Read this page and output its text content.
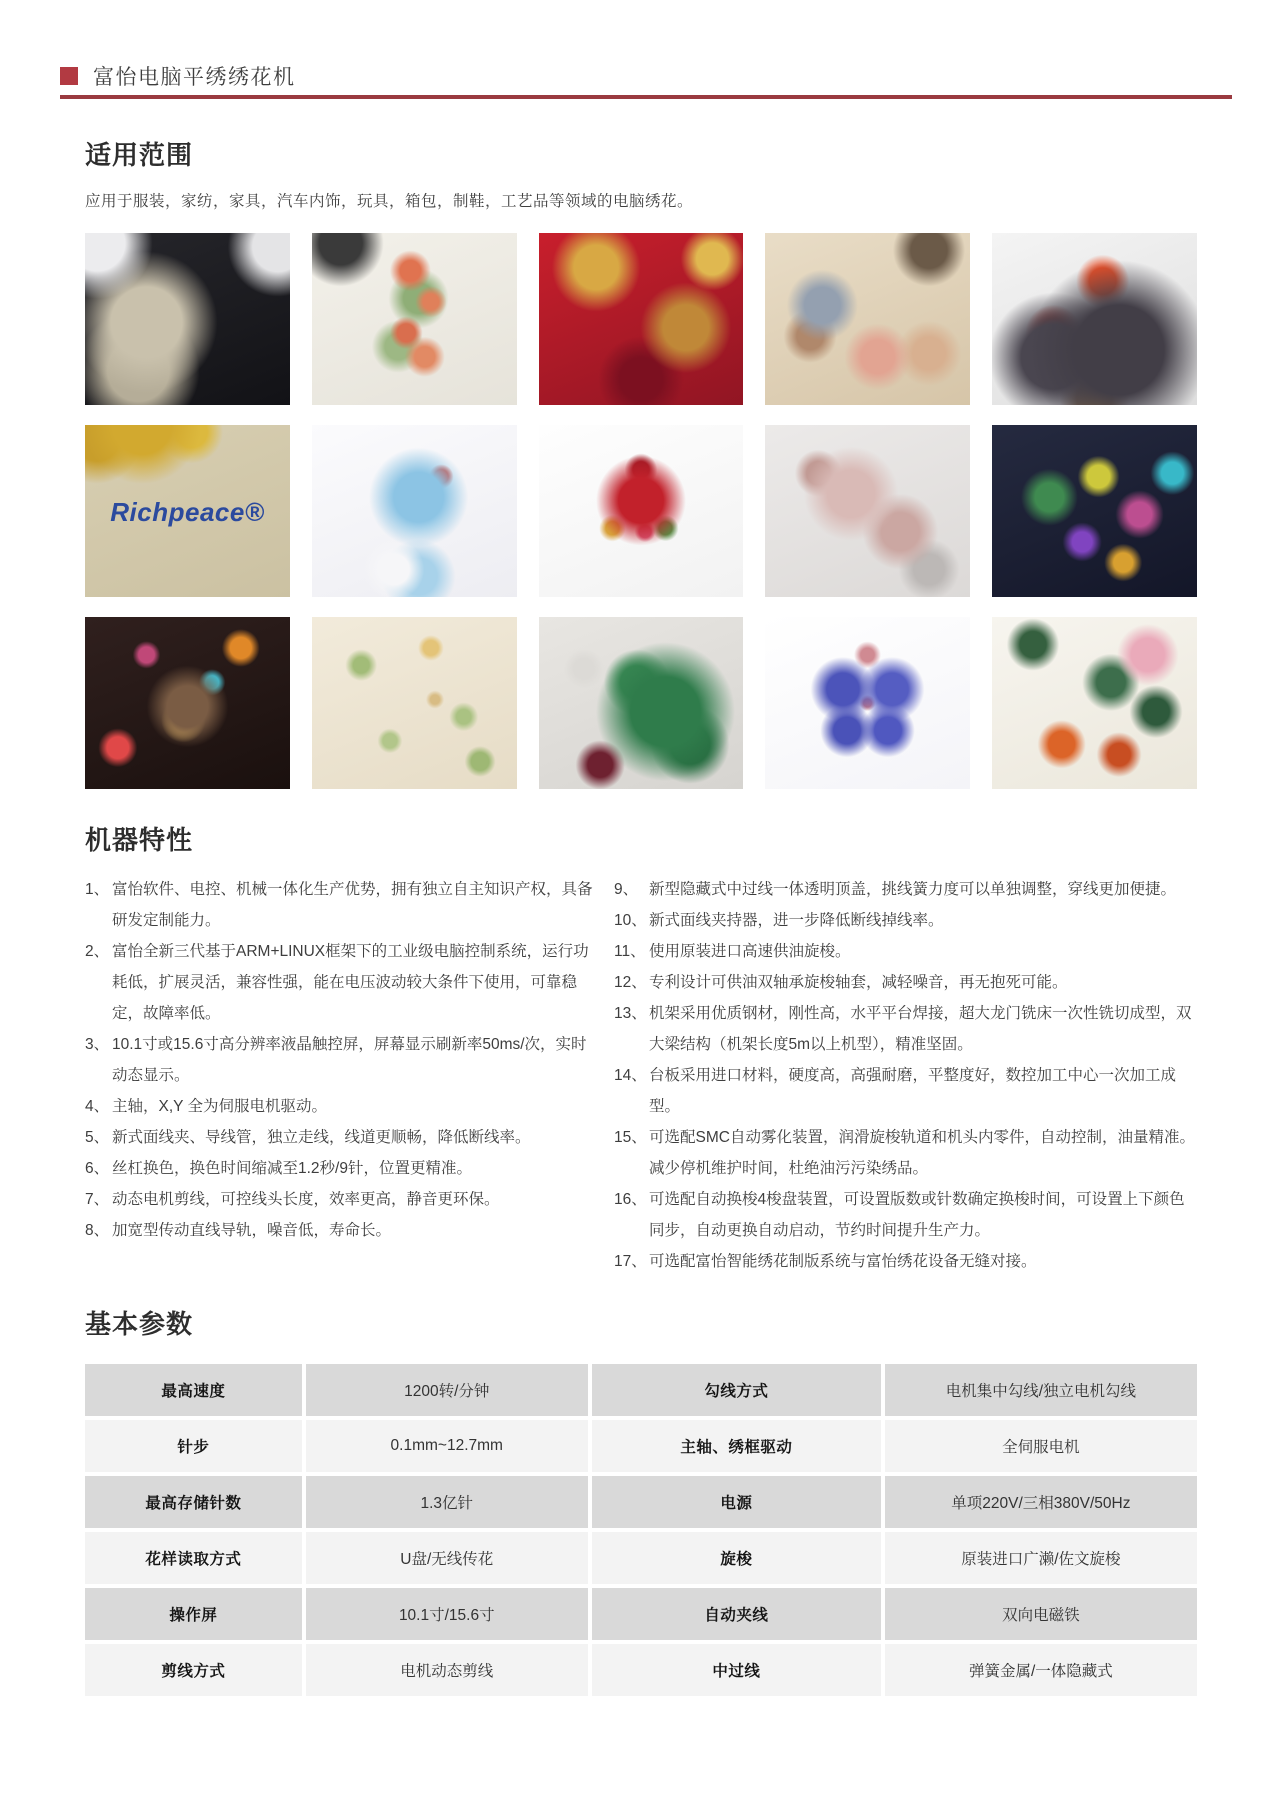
富怡电脑平绣绣花机
适用范围
应用于服装，家纺，家具，汽车内饰，玩具，箱包，制鞋，工艺品等领域的电脑绣花。
Richpeace®
机器特性
1、 富怡软件、电控、机械一体化生产优势，拥有独立自主知识产权，具备研发定制能力。
2、 富怡全新三代基于ARM+LINUX框架下的工业级电脑控制系统，运行功耗低，扩展灵活，兼容性强，能在电压波动较大条件下使用，可靠稳定，故障率低。
3、 10.1寸或15.6寸高分辨率液晶触控屏，屏幕显示刷新率50ms/次，实时动态显示。
4、 主轴，X,Y 全为伺服电机驱动。
5、 新式面线夹、导线管，独立走线，线道更顺畅，降低断线率。
6、 丝杠换色，换色时间缩减至1.2秒/9针，位置更精准。
7、 动态电机剪线，可控线头长度，效率更高，静音更环保。
8、 加宽型传动直线导轨，噪音低，寿命长。
9、 新型隐藏式中过线一体透明顶盖，挑线簧力度可以单独调整，穿线更加便捷。
10、 新式面线夹持器，进一步降低断线掉线率。
11、 使用原装进口高速供油旋梭。
12、 专利设计可供油双轴承旋梭轴套，减轻噪音，再无抱死可能。
13、 机架采用优质钢材，刚性高，水平平台焊接，超大龙门铣床一次性铣切成型，双大梁结构（机架长度5m以上机型），精准坚固。
14、 台板采用进口材料，硬度高，高强耐磨，平整度好，数控加工中心一次加工成型。
15、 可选配SMC自动雾化装置，润滑旋梭轨道和机头内零件，自动控制，油量精准。减少停机维护时间，杜绝油污污染绣品。
16、 可选配自动换梭4梭盘装置，可设置版数或针数确定换梭时间，可设置上下颜色同步，自动更换自动启动，节约时间提升生产力。
17、 可选配富怡智能绣花制版系统与富怡绣花设备无缝对接。
基本参数
最高速度	1200转/分钟	勾线方式	电机集中勾线/独立电机勾线
针步	0.1mm~12.7mm	主轴、绣框驱动	全伺服电机
最高存储针数	1.3亿针	电源	单项220V/三相380V/50Hz
花样读取方式	U盘/无线传花	旋梭	原装进口广濑/佐文旋梭
操作屏	10.1寸/15.6寸	自动夹线	双向电磁铁
剪线方式	电机动态剪线	中过线	弹簧金属/一体隐藏式
